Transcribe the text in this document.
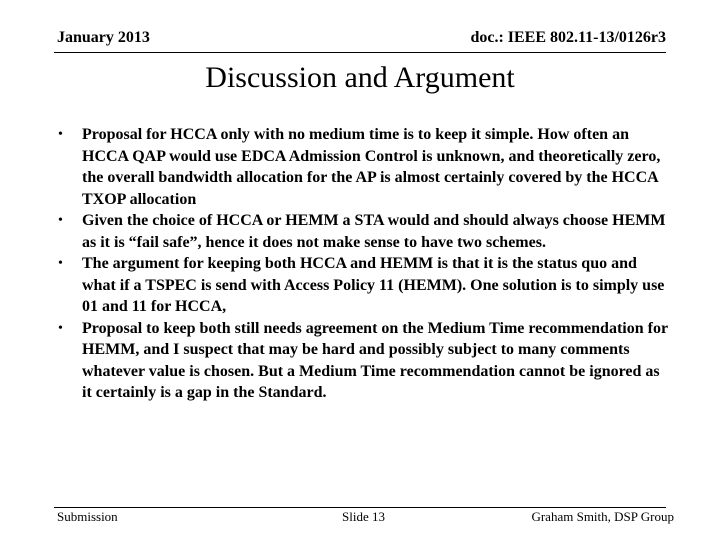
January 2013	doc.: IEEE 802.11-13/0126r3
Discussion and Argument
• Proposal for HCCA only with no medium time is to keep it simple. How often an HCCA QAP would use EDCA Admission Control is unknown, and theoretically zero, the overall bandwidth allocation for the AP is almost certainly covered by the HCCA TXOP allocation
• Given the choice of HCCA or HEMM a STA would and should always choose HEMM as it is “fail safe”, hence it does not make sense to have two schemes.
• The argument for keeping both HCCA and HEMM is that it is the status quo and what if a TSPEC is send with Access Policy 11 (HEMM). One solution is to simply use 01 and 11 for HCCA,
• Proposal to keep both still needs agreement on the Medium Time recommendation for HEMM, and I suspect that may be hard and possibly subject to many comments whatever value is chosen. But a Medium Time recommendation cannot be ignored as it certainly is a gap in the Standard.
Submission	Slide 13	Graham Smith, DSP Group
